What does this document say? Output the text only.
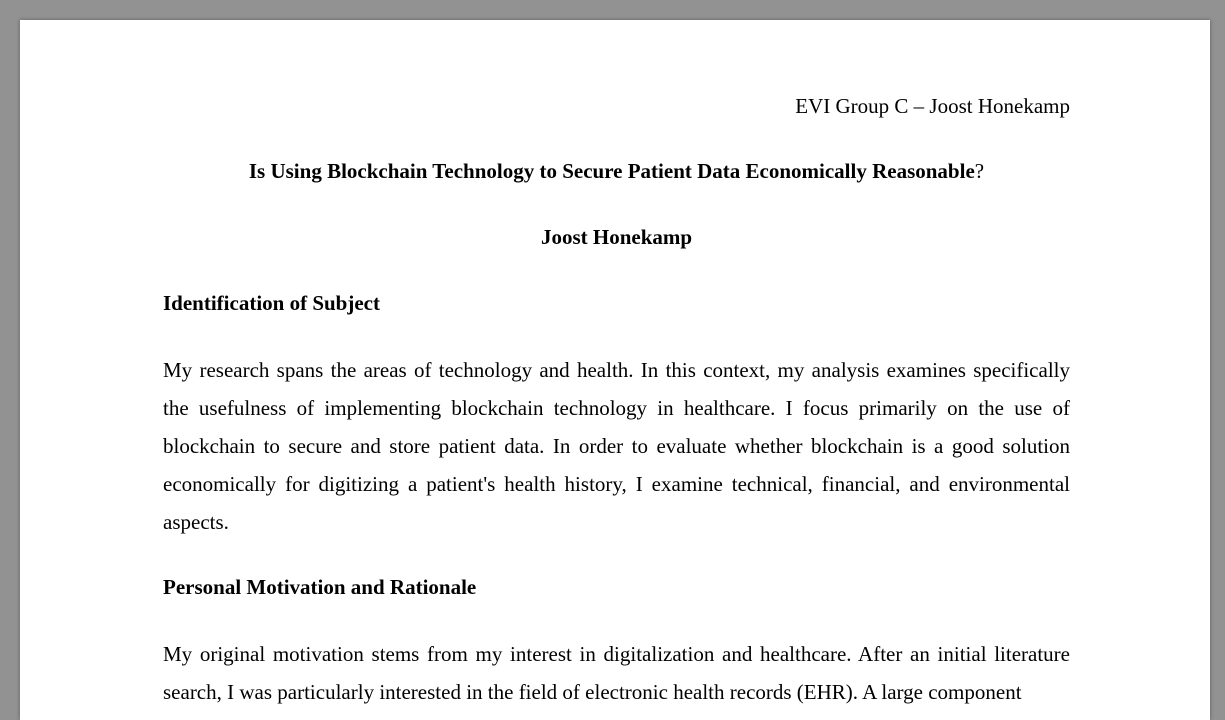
EVI Group C – Joost Honekamp
Is Using Blockchain Technology to Secure Patient Data Economically Reasonable?
Joost Honekamp
Identification of Subject

My research spans the areas of technology and health. In this context, my analysis examines specifically the usefulness of implementing blockchain technology in healthcare. I focus primarily on the use of blockchain to secure and store patient data. In order to evaluate whether blockchain is a good solution economically for digitizing a patient's health history, I examine technical, financial, and environmental aspects.

Personal Motivation and Rationale

My original motivation stems from my interest in digitalization and healthcare. After an initial literature search, I was particularly interested in the field of electronic health records (EHR). A large component
